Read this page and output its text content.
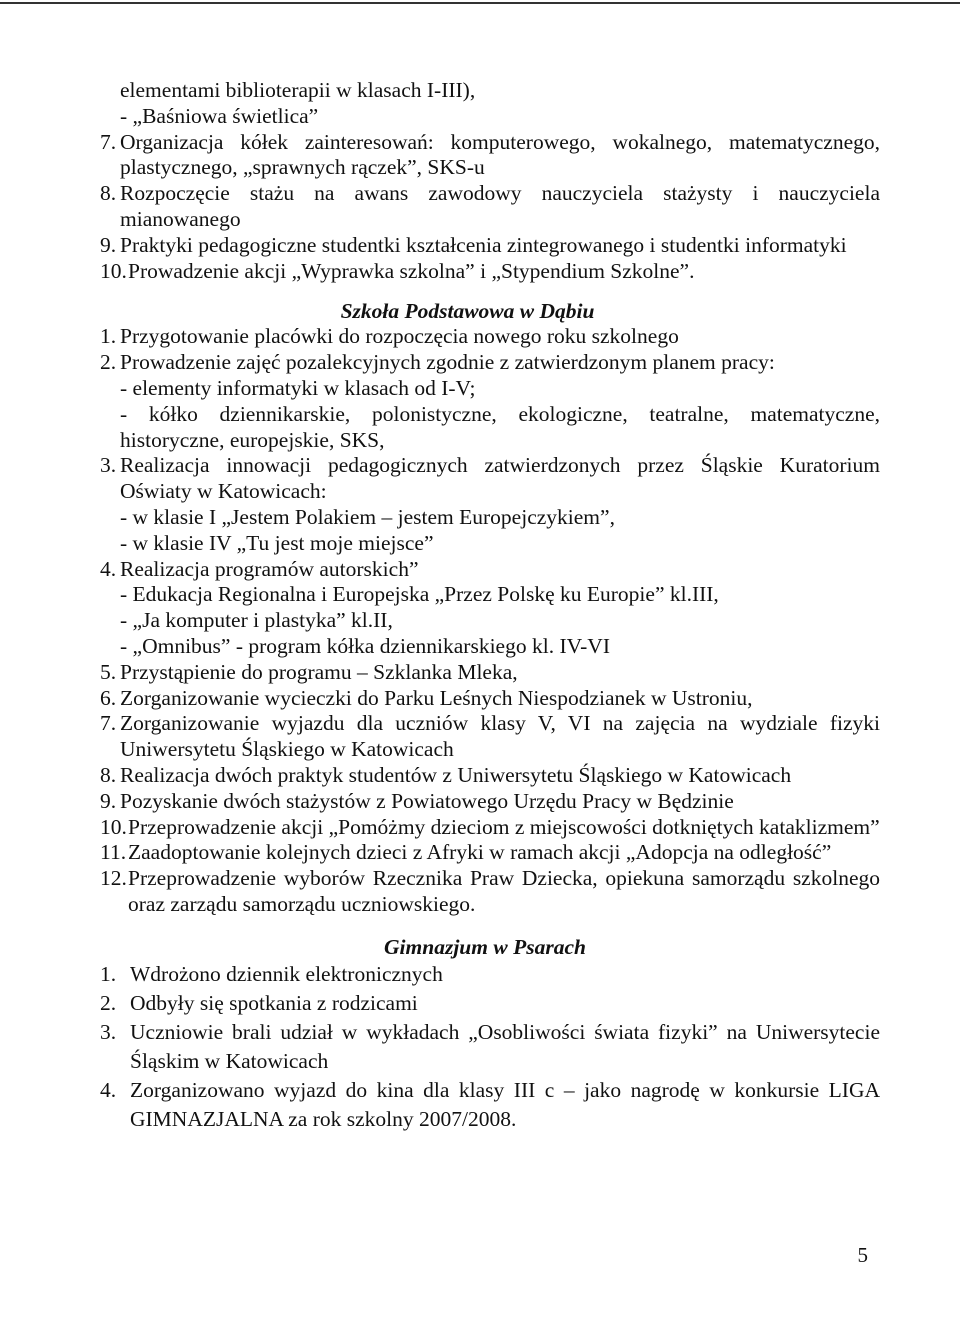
elementami biblioterapii w klasach I-III),
- „Baśniowa świetlica”
7. Organizacja kółek zainteresowań: komputerowego, wokalnego, matematycznego, plastycznego, „sprawnych rączek”, SKS-u
8. Rozpoczęcie stażu na awans zawodowy nauczyciela stażysty i nauczyciela mianowanego
9. Praktyki pedagogiczne studentki kształcenia zintegrowanego i studentki informatyki
10. Prowadzenie akcji „Wyprawka szkolna” i „Stypendium Szkolne”.
Szkoła Podstawowa w Dąbiu
1. Przygotowanie placówki do rozpoczęcia nowego roku szkolnego
2. Prowadzenie zajęć pozalekcyjnych zgodnie z zatwierdzonym planem pracy:
- elementy informatyki w klasach od I-V;
- kółko dziennikarskie, polonistyczne, ekologiczne, teatralne, matematyczne, historyczne, europejskie, SKS,
3. Realizacja innowacji pedagogicznych zatwierdzonych przez Śląskie Kuratorium Oświaty w Katowicach:
- w klasie I „Jestem Polakiem – jestem Europejczykiem”,
- w klasie IV „Tu jest moje miejsce”
4. Realizacja programów autorskich”
- Edukacja Regionalna i Europejska „Przez Polskę ku Europie” kl.III,
- „Ja komputer i plastyka” kl.II,
- „Omnibus” - program kółka dziennikarskiego kl. IV-VI
5. Przystąpienie do programu – Szklanka Mleka,
6. Zorganizowanie wycieczki do Parku Leśnych Niespodzianek w Ustroniu,
7. Zorganizowanie wyjazdu dla uczniów klasy V, VI na zajęcia na wydziale fizyki Uniwersytetu Śląskiego w Katowicach
8. Realizacja dwóch praktyk studentów z Uniwersytetu Śląskiego w Katowicach
9. Pozyskanie dwóch stażystów z Powiatowego Urzędu Pracy w Będzinie
10. Przeprowadzenie akcji „Pomóżmy dzieciom z miejscowości dotkniętych kataklizmem”
11. Zaadoptowanie kolejnych dzieci z Afryki w ramach akcji „Adopcja na odległość”
12. Przeprowadzenie wyborów Rzecznika Praw Dziecka, opiekuna samorządu szkolnego oraz zarządu samorządu uczniowskiego.
Gimnazjum w Psarach
1. Wdrożono dziennik elektronicznych
2. Odbyły się spotkania z rodzicami
3. Uczniowie brali udział w wykładach „Osobliwości świata fizyki” na Uniwersytecie Śląskim w Katowicach
4. Zorganizowano wyjazd do kina dla klasy III c – jako nagrodę w konkursie LIGA GIMNAZJALNA za rok szkolny 2007/2008.
5
